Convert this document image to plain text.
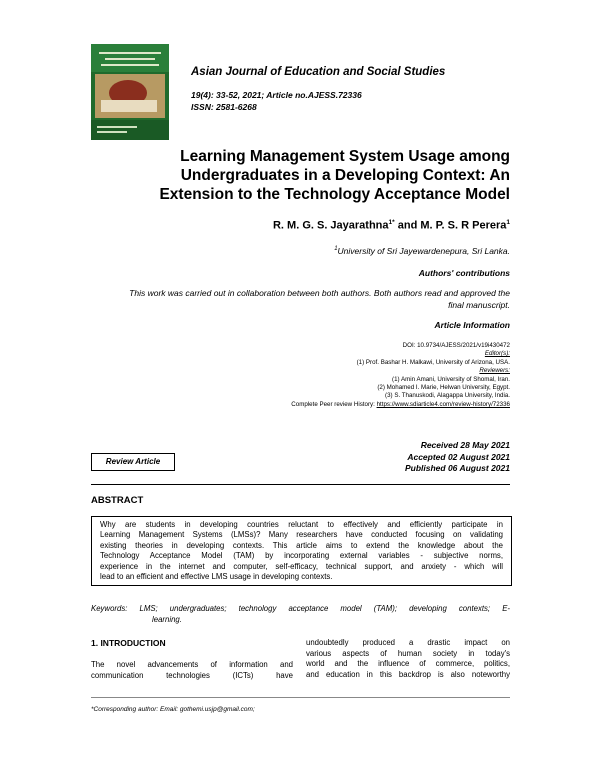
Asian Journal of Education and Social Studies
19(4): 33-52, 2021; Article no.AJESS.72336
ISSN: 2581-6268
Learning Management System Usage among
Undergraduates in a Developing Context: An
Extension to the Technology Acceptance Model
R. M. G. S. Jayarathna$^{1*}$ and M. P. S. R Perera$^1$
$^1$University of Sri Jayewardenepura, Sri Lanka.
Authors' contributions
This work was carried out in collaboration between both authors. Both authors read and approved the
final manuscript.
Article Information
DOI: 10.9734/AJESS/2021/v19i430472
Editor(s):
(1) Prof. Bashar H. Malkawi, University of Arizona, USA.
Reviewers:
(1) Amin Amani, University of Shomal, Iran.
(2) Mohamed I. Marie, Helwan University, Egypt.
(3) S. Thanuskodi, Alagappa University, India.
Complete Peer review History: https://www.sdiarticle4.com/review-history/72336
Review Article
Received 28 May 2021
Accepted 02 August 2021
Published 06 August 2021
ABSTRACT
Why are students in developing countries reluctant to effectively and efficiently participate in
Learning Management Systems (LMSs)? Many researchers have conducted focusing on validating
existing theories in developing contexts. This article aims to extend the knowledge about the
Technology Acceptance Model (TAM) by incorporating external variables - subjective norms,
experience in the internet and computer, self-efficacy, technical support, and anxiety - which will
lead to an efficient and effective LMS usage in developing contexts.
Keywords: LMS; undergraduates; technology acceptance model (TAM); developing contexts; E-
learning.
1. INTRODUCTION
The novel advancements of information and
communication technologies (ICTs) have
undoubtedly produced a drastic impact on
various aspects of human society in today's
world and the influence of commerce, politics,
and education in this backdrop is also noteworthy
*Corresponding author: Email: gothemi.usjp@gmail.com;
